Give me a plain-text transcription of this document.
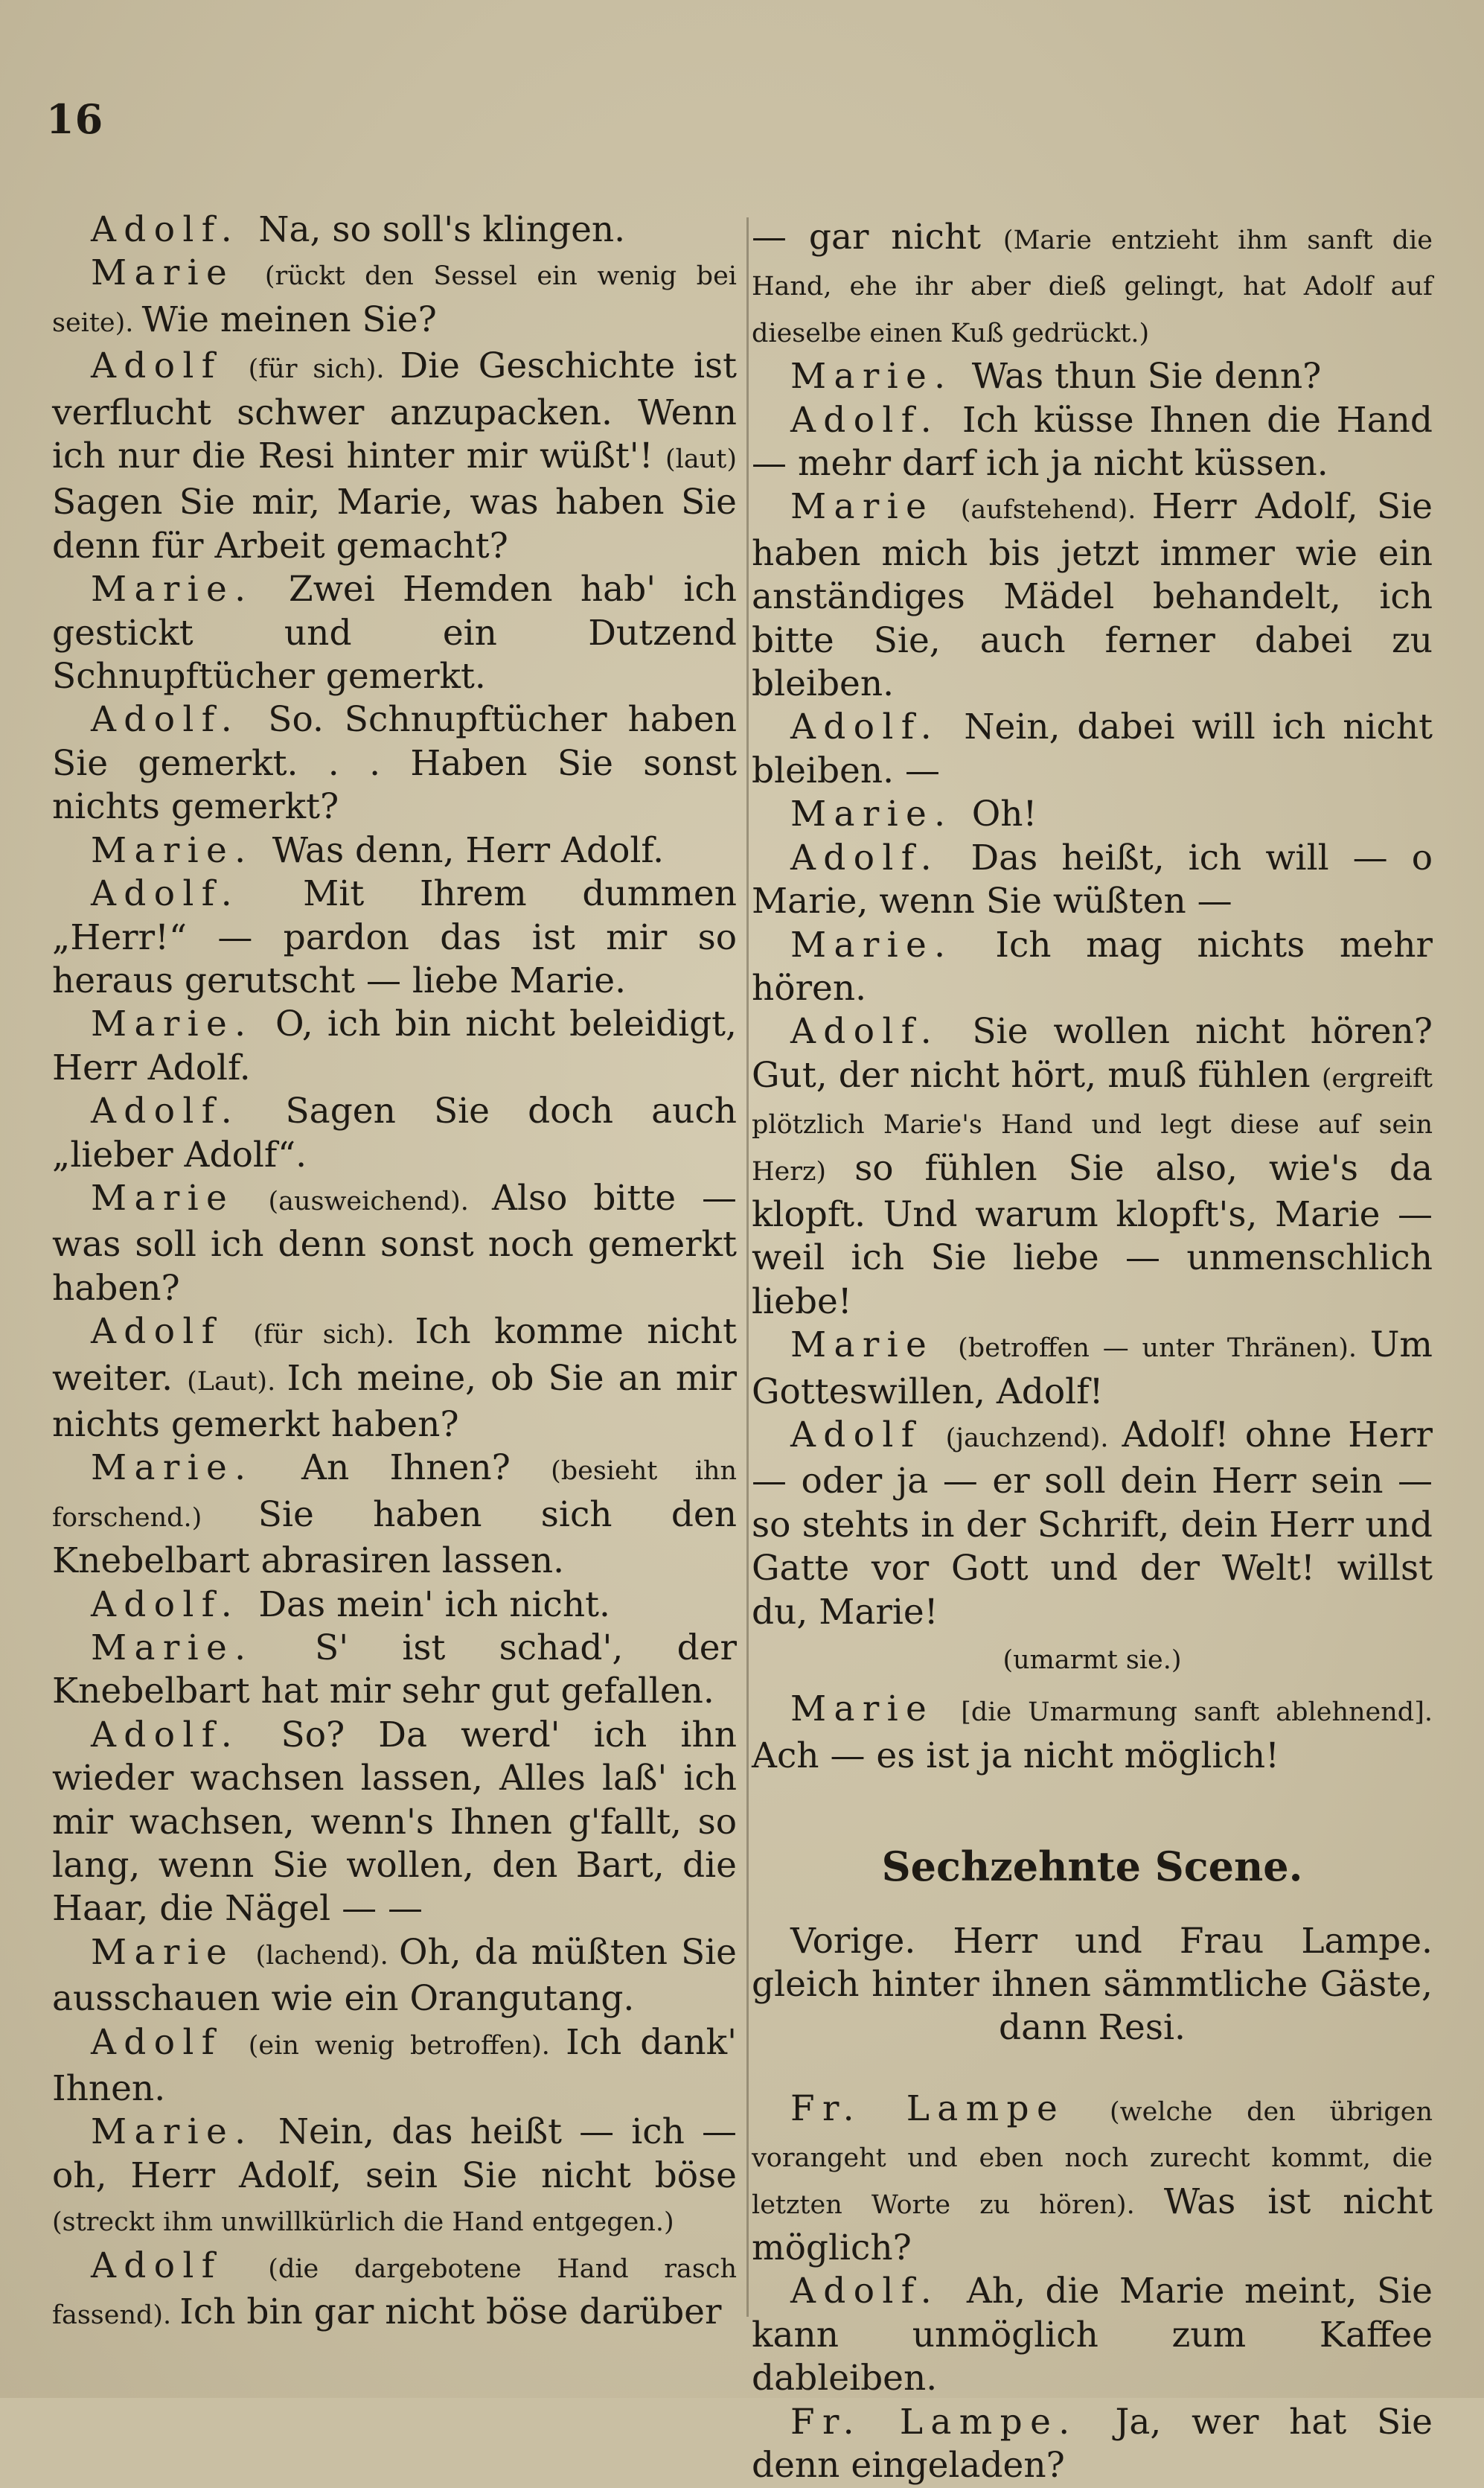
16

Adolf. Na, so soll's klingen.

Marie (rückt den Sessel ein wenig bei seite). Wie meinen Sie?

Adolf (für sich). Die Geschichte ist verflucht schwer anzupacken. Wenn ich nur die Resi hinter mir wüßt'! (laut) Sagen Sie mir, Marie, was haben Sie denn für Arbeit gemacht?

Marie. Zwei Hemden hab' ich gestickt und ein Dutzend Schnupftücher gemerkt.

Adolf. So. Schnupftücher haben Sie gemerkt. . . Haben Sie sonst nichts gemerkt?

Marie. Was denn, Herr Adolf.

Adolf. Mit Ihrem dummen „Herr!“ — pardon das ist mir so heraus gerutscht — liebe Marie.

Marie. O, ich bin nicht beleidigt, Herr Adolf.

Adolf. Sagen Sie doch auch „lieber Adolf“.

Marie (ausweichend). Also bitte — was soll ich denn sonst noch gemerkt haben?

Adolf (für sich). Ich komme nicht weiter. (Laut). Ich meine, ob Sie an mir nichts gemerkt haben?

Marie. An Ihnen? (besieht ihn forschend.) Sie haben sich den Knebelbart abrasiren lassen.

Adolf. Das mein' ich nicht.

Marie. S' ist schad', der Knebelbart hat mir sehr gut gefallen.

Adolf. So? Da werd' ich ihn wieder wachsen lassen, Alles laß' ich mir wachsen, wenn's Ihnen g'fallt, so lang, wenn Sie wollen, den Bart, die Haar, die Nägel — —

Marie (lachend). Oh, da müßten Sie ausschauen wie ein Orangutang.

Adolf (ein wenig betroffen). Ich dank' Ihnen.

Marie. Nein, das heißt — ich — oh, Herr Adolf, sein Sie nicht böse (streckt ihm unwillkürlich die Hand entgegen.)

Adolf (die dargebotene Hand rasch fassend). Ich bin gar nicht böse darüber

— gar nicht (Marie entzieht ihm sanft die Hand, ehe ihr aber dieß gelingt, hat Adolf auf dieselbe einen Kuß gedrückt.)

Marie. Was thun Sie denn?

Adolf. Ich küsse Ihnen die Hand — mehr darf ich ja nicht küssen.

Marie (aufstehend). Herr Adolf, Sie haben mich bis jetzt immer wie ein anständiges Mädel behandelt, ich bitte Sie, auch ferner dabei zu bleiben.

Adolf. Nein, dabei will ich nicht bleiben. —

Marie. Oh!

Adolf. Das heißt, ich will — o Marie, wenn Sie wüßten —

Marie. Ich mag nichts mehr hören.

Adolf. Sie wollen nicht hören? Gut, der nicht hört, muß fühlen (ergreift plötzlich Marie's Hand und legt diese auf sein Herz) so fühlen Sie also, wie's da klopft. Und warum klopft's, Marie — weil ich Sie liebe — unmenschlich liebe!

Marie (betroffen — unter Thränen). Um Gotteswillen, Adolf!

Adolf (jauchzend). Adolf! ohne Herr — oder ja — er soll dein Herr sein — so stehts in der Schrift, dein Herr und Gatte vor Gott und der Welt! willst du, Marie!

(umarmt sie.)

Marie [die Umarmung sanft ablehnend]. Ach — es ist ja nicht möglich!

Sechzehnte Scene.

Vorige. Herr und Frau Lampe. gleich hinter ihnen sämmtliche Gäste, dann Resi.

Fr. Lampe (welche den übrigen vorangeht und eben noch zurecht kommt, die letzten Worte zu hören). Was ist nicht möglich?

Adolf. Ah, die Marie meint, Sie kann unmöglich zum Kaffee dableiben.

Fr. Lampe. Ja, wer hat Sie denn eingeladen?
